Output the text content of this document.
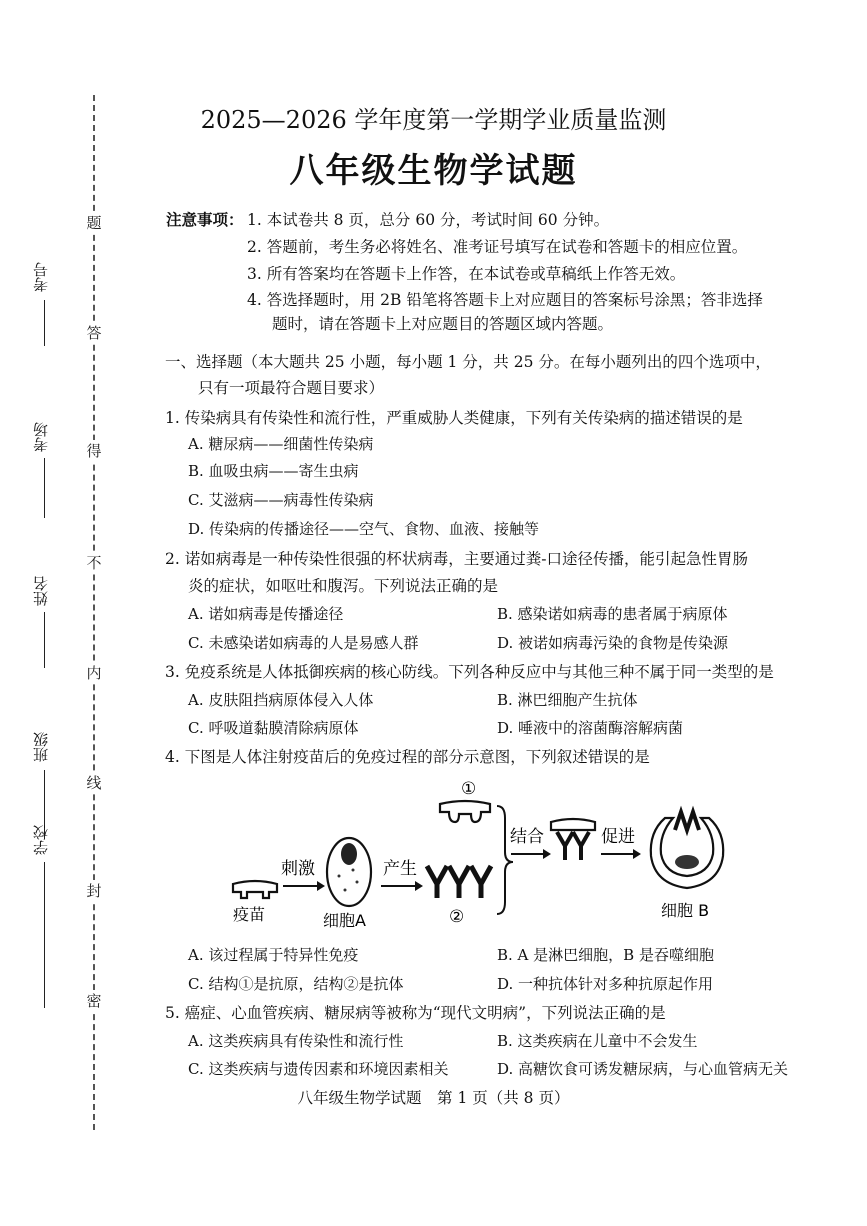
考号
考场
姓名
班级
学校
题
答
得
不
内
线
封
密
2025—2026 学年度第一学期学业质量监测
八年级生物学试题
注意事项： 1. 本试卷共 8 页，总分 60 分，考试时间 60 分钟。
2. 答题前，考生务必将姓名、准考证号填写在试卷和答题卡的相应位置。
3. 所有答案均在答题卡上作答，在本试卷或草稿纸上作答无效。
4. 答选择题时，用 2B 铅笔将答题卡上对应题目的答案标号涂黑；答非选择
题时，请在答题卡上对应题目的答题区域内答题。
一、选择题（本大题共 25 小题，每小题 1 分，共 25 分。在每小题列出的四个选项中，
只有一项最符合题目要求）
1. 传染病具有传染性和流行性，严重威胁人类健康，下列有关传染病的描述错误的是
A. 糖尿病——细菌性传染病
B. 血吸虫病——寄生虫病
C. 艾滋病——病毒性传染病
D. 传染病的传播途径——空气、食物、血液、接触等
2. 诺如病毒是一种传染性很强的杯状病毒，主要通过粪-口途径传播，能引起急性胃肠
炎的症状，如呕吐和腹泻。下列说法正确的是
A. 诺如病毒是传播途径	B. 感染诺如病毒的患者属于病原体
C. 未感染诺如病毒的人是易感人群	D. 被诺如病毒污染的食物是传染源
3. 免疫系统是人体抵御疾病的核心防线。下列各种反应中与其他三种不属于同一类型的是
A. 皮肤阻挡病原体侵入人体	B. 淋巴细胞产生抗体
C. 呼吸道黏膜清除病原体	D. 唾液中的溶菌酶溶解病菌
4. 下图是人体注射疫苗后的免疫过程的部分示意图，下列叙述错误的是
①
疫苗
刺激
细胞A
产生
②
结合	促进
细胞 B
A. 该过程属于特异性免疫	B. A 是淋巴细胞，B 是吞噬细胞
C. 结构①是抗原，结构②是抗体	D. 一种抗体针对多种抗原起作用
5. 癌症、心血管疾病、糖尿病等被称为“现代文明病”，下列说法正确的是
A. 这类疾病具有传染性和流行性	B. 这类疾病在儿童中不会发生
C. 这类疾病与遗传因素和环境因素相关	D. 高糖饮食可诱发糖尿病，与心血管病无关
八年级生物学试题　第 1 页（共 8 页）
